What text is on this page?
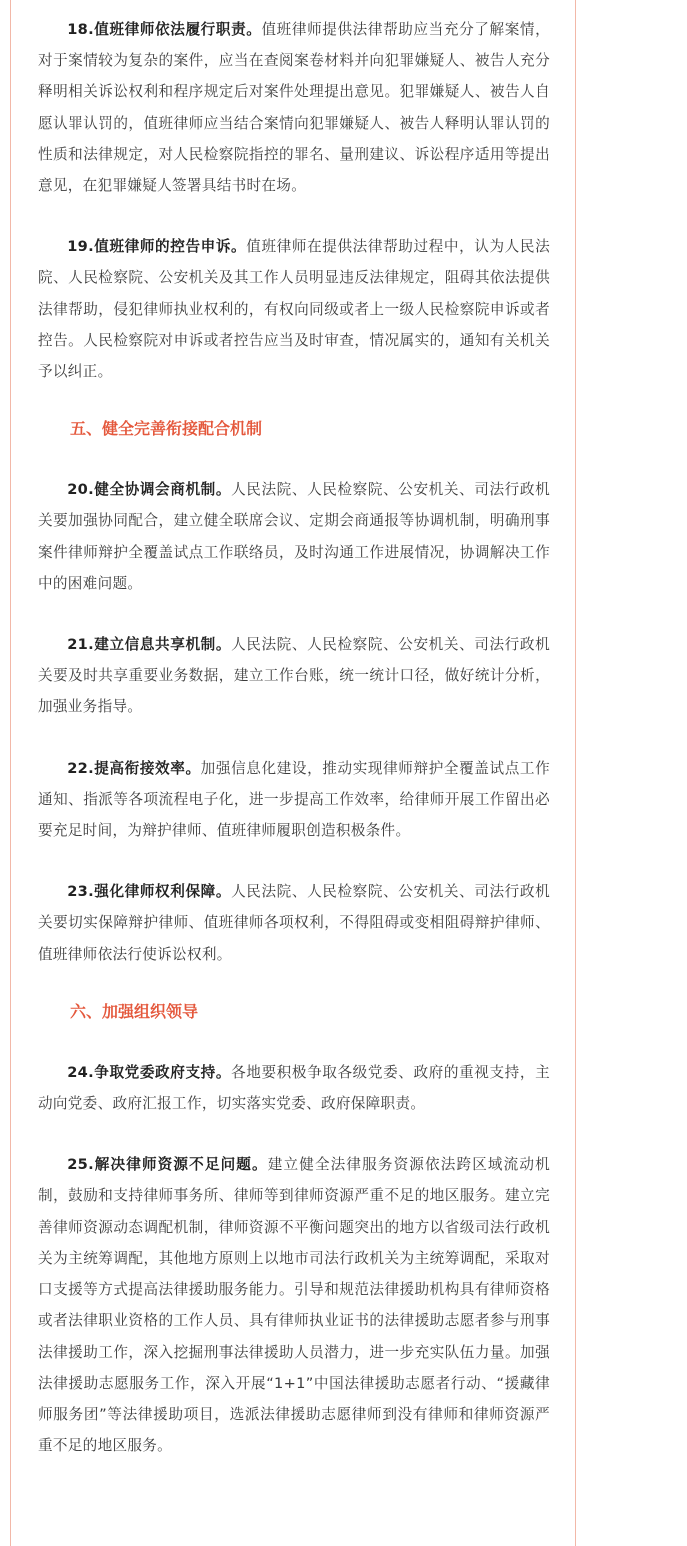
18.值班律师依法履行职责。值班律师提供法律帮助应当充分了解案情，对于案情较为复杂的案件，应当在查阅案卷材料并向犯罪嫌疑人、被告人充分释明相关诉讼权利和程序规定后对案件处理提出意见。犯罪嫌疑人、被告人自愿认罪认罚的，值班律师应当结合案情向犯罪嫌疑人、被告人释明认罪认罚的性质和法律规定，对人民检察院指控的罪名、量刑建议、诉讼程序适用等提出意见，在犯罪嫌疑人签署具结书时在场。

19.值班律师的控告申诉。值班律师在提供法律帮助过程中，认为人民法院、人民检察院、公安机关及其工作人员明显违反法律规定，阻碍其依法提供法律帮助，侵犯律师执业权利的，有权向同级或者上一级人民检察院申诉或者控告。人民检察院对申诉或者控告应当及时审查，情况属实的，通知有关机关予以纠正。

五、健全完善衔接配合机制

20.健全协调会商机制。人民法院、人民检察院、公安机关、司法行政机关要加强协同配合，建立健全联席会议、定期会商通报等协调机制，明确刑事案件律师辩护全覆盖试点工作联络员，及时沟通工作进展情况，协调解决工作中的困难问题。

21.建立信息共享机制。人民法院、人民检察院、公安机关、司法行政机关要及时共享重要业务数据，建立工作台账，统一统计口径，做好统计分析，加强业务指导。

22.提高衔接效率。加强信息化建设，推动实现律师辩护全覆盖试点工作通知、指派等各项流程电子化，进一步提高工作效率，给律师开展工作留出必要充足时间，为辩护律师、值班律师履职创造积极条件。

23.强化律师权利保障。人民法院、人民检察院、公安机关、司法行政机关要切实保障辩护律师、值班律师各项权利，不得阻碍或变相阻碍辩护律师、值班律师依法行使诉讼权利。

六、加强组织领导

24.争取党委政府支持。各地要积极争取各级党委、政府的重视支持，主动向党委、政府汇报工作，切实落实党委、政府保障职责。

25.解决律师资源不足问题。建立健全法律服务资源依法跨区域流动机制，鼓励和支持律师事务所、律师等到律师资源严重不足的地区服务。建立完善律师资源动态调配机制，律师资源不平衡问题突出的地方以省级司法行政机关为主统筹调配，其他地方原则上以地市司法行政机关为主统筹调配，采取对口支援等方式提高法律援助服务能力。引导和规范法律援助机构具有律师资格或者法律职业资格的工作人员、具有律师执业证书的法律援助志愿者参与刑事法律援助工作，深入挖掘刑事法律援助人员潜力，进一步充实队伍力量。加强法律援助志愿服务工作，深入开展“1+1”中国法律援助志愿者行动、“援藏律师服务团”等法律援助项目，选派法律援助志愿律师到没有律师和律师资源严重不足的地区服务。
